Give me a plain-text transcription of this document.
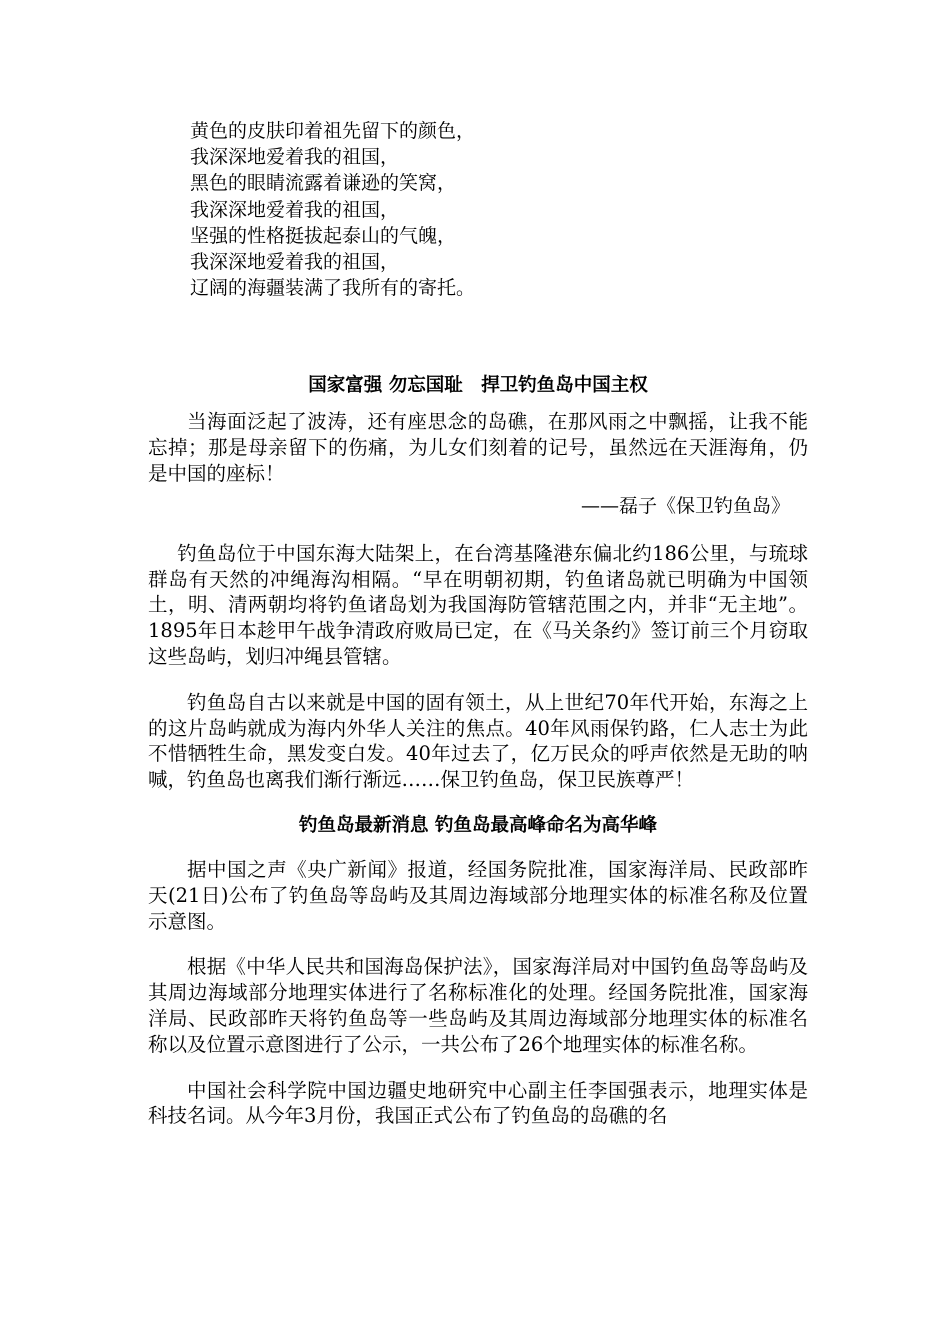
黄色的皮肤印着祖先留下的颜色，
我深深地爱着我的祖国，
黑色的眼睛流露着谦逊的笑窝，
我深深地爱着我的祖国，
坚强的性格挺拔起泰山的气魄，
我深深地爱着我的祖国，
辽阔的海疆装满了我所有的寄托。
国家富强 勿忘国耻　捍卫钓鱼岛中国主权

当海面泛起了波涛，还有座思念的岛礁，在那风雨之中飘摇，让我不能忘掉；那是母亲留下的伤痛，为儿女们刻着的记号，虽然远在天涯海角，仍是中国的座标！

——磊子《保卫钓鱼岛》

钓鱼岛位于中国东海大陆架上，在台湾基隆港东偏北约186公里，与琉球群岛有天然的冲绳海沟相隔。“早在明朝初期，钓鱼诸岛就已明确为中国领土，明、清两朝均将钓鱼诸岛划为我国海防管辖范围之内，并非“无主地”。1895年日本趁甲午战争清政府败局已定，在《马关条约》签订前三个月窃取这些岛屿，划归冲绳县管辖。

钓鱼岛自古以来就是中国的固有领土，从上世纪70年代开始，东海之上的这片岛屿就成为海内外华人关注的焦点。40年风雨保钓路，仁人志士为此不惜牺牲生命，黑发变白发。40年过去了，亿万民众的呼声依然是无助的呐喊，钓鱼岛也离我们渐行渐远……保卫钓鱼岛，保卫民族尊严！

钓鱼岛最新消息 钓鱼岛最高峰命名为高华峰

据中国之声《央广新闻》报道，经国务院批准，国家海洋局、民政部昨天(21日)公布了钓鱼岛等岛屿及其周边海域部分地理实体的标准名称及位置示意图。

根据《中华人民共和国海岛保护法》，国家海洋局对中国钓鱼岛等岛屿及其周边海域部分地理实体进行了名称标准化的处理。经国务院批准，国家海洋局、民政部昨天将钓鱼岛等一些岛屿及其周边海域部分地理实体的标准名称以及位置示意图进行了公示，一共公布了26个地理实体的标准名称。

中国社会科学院中国边疆史地研究中心副主任李国强表示，地理实体是科技名词。从今年3月份，我国正式公布了钓鱼岛的岛礁的名
